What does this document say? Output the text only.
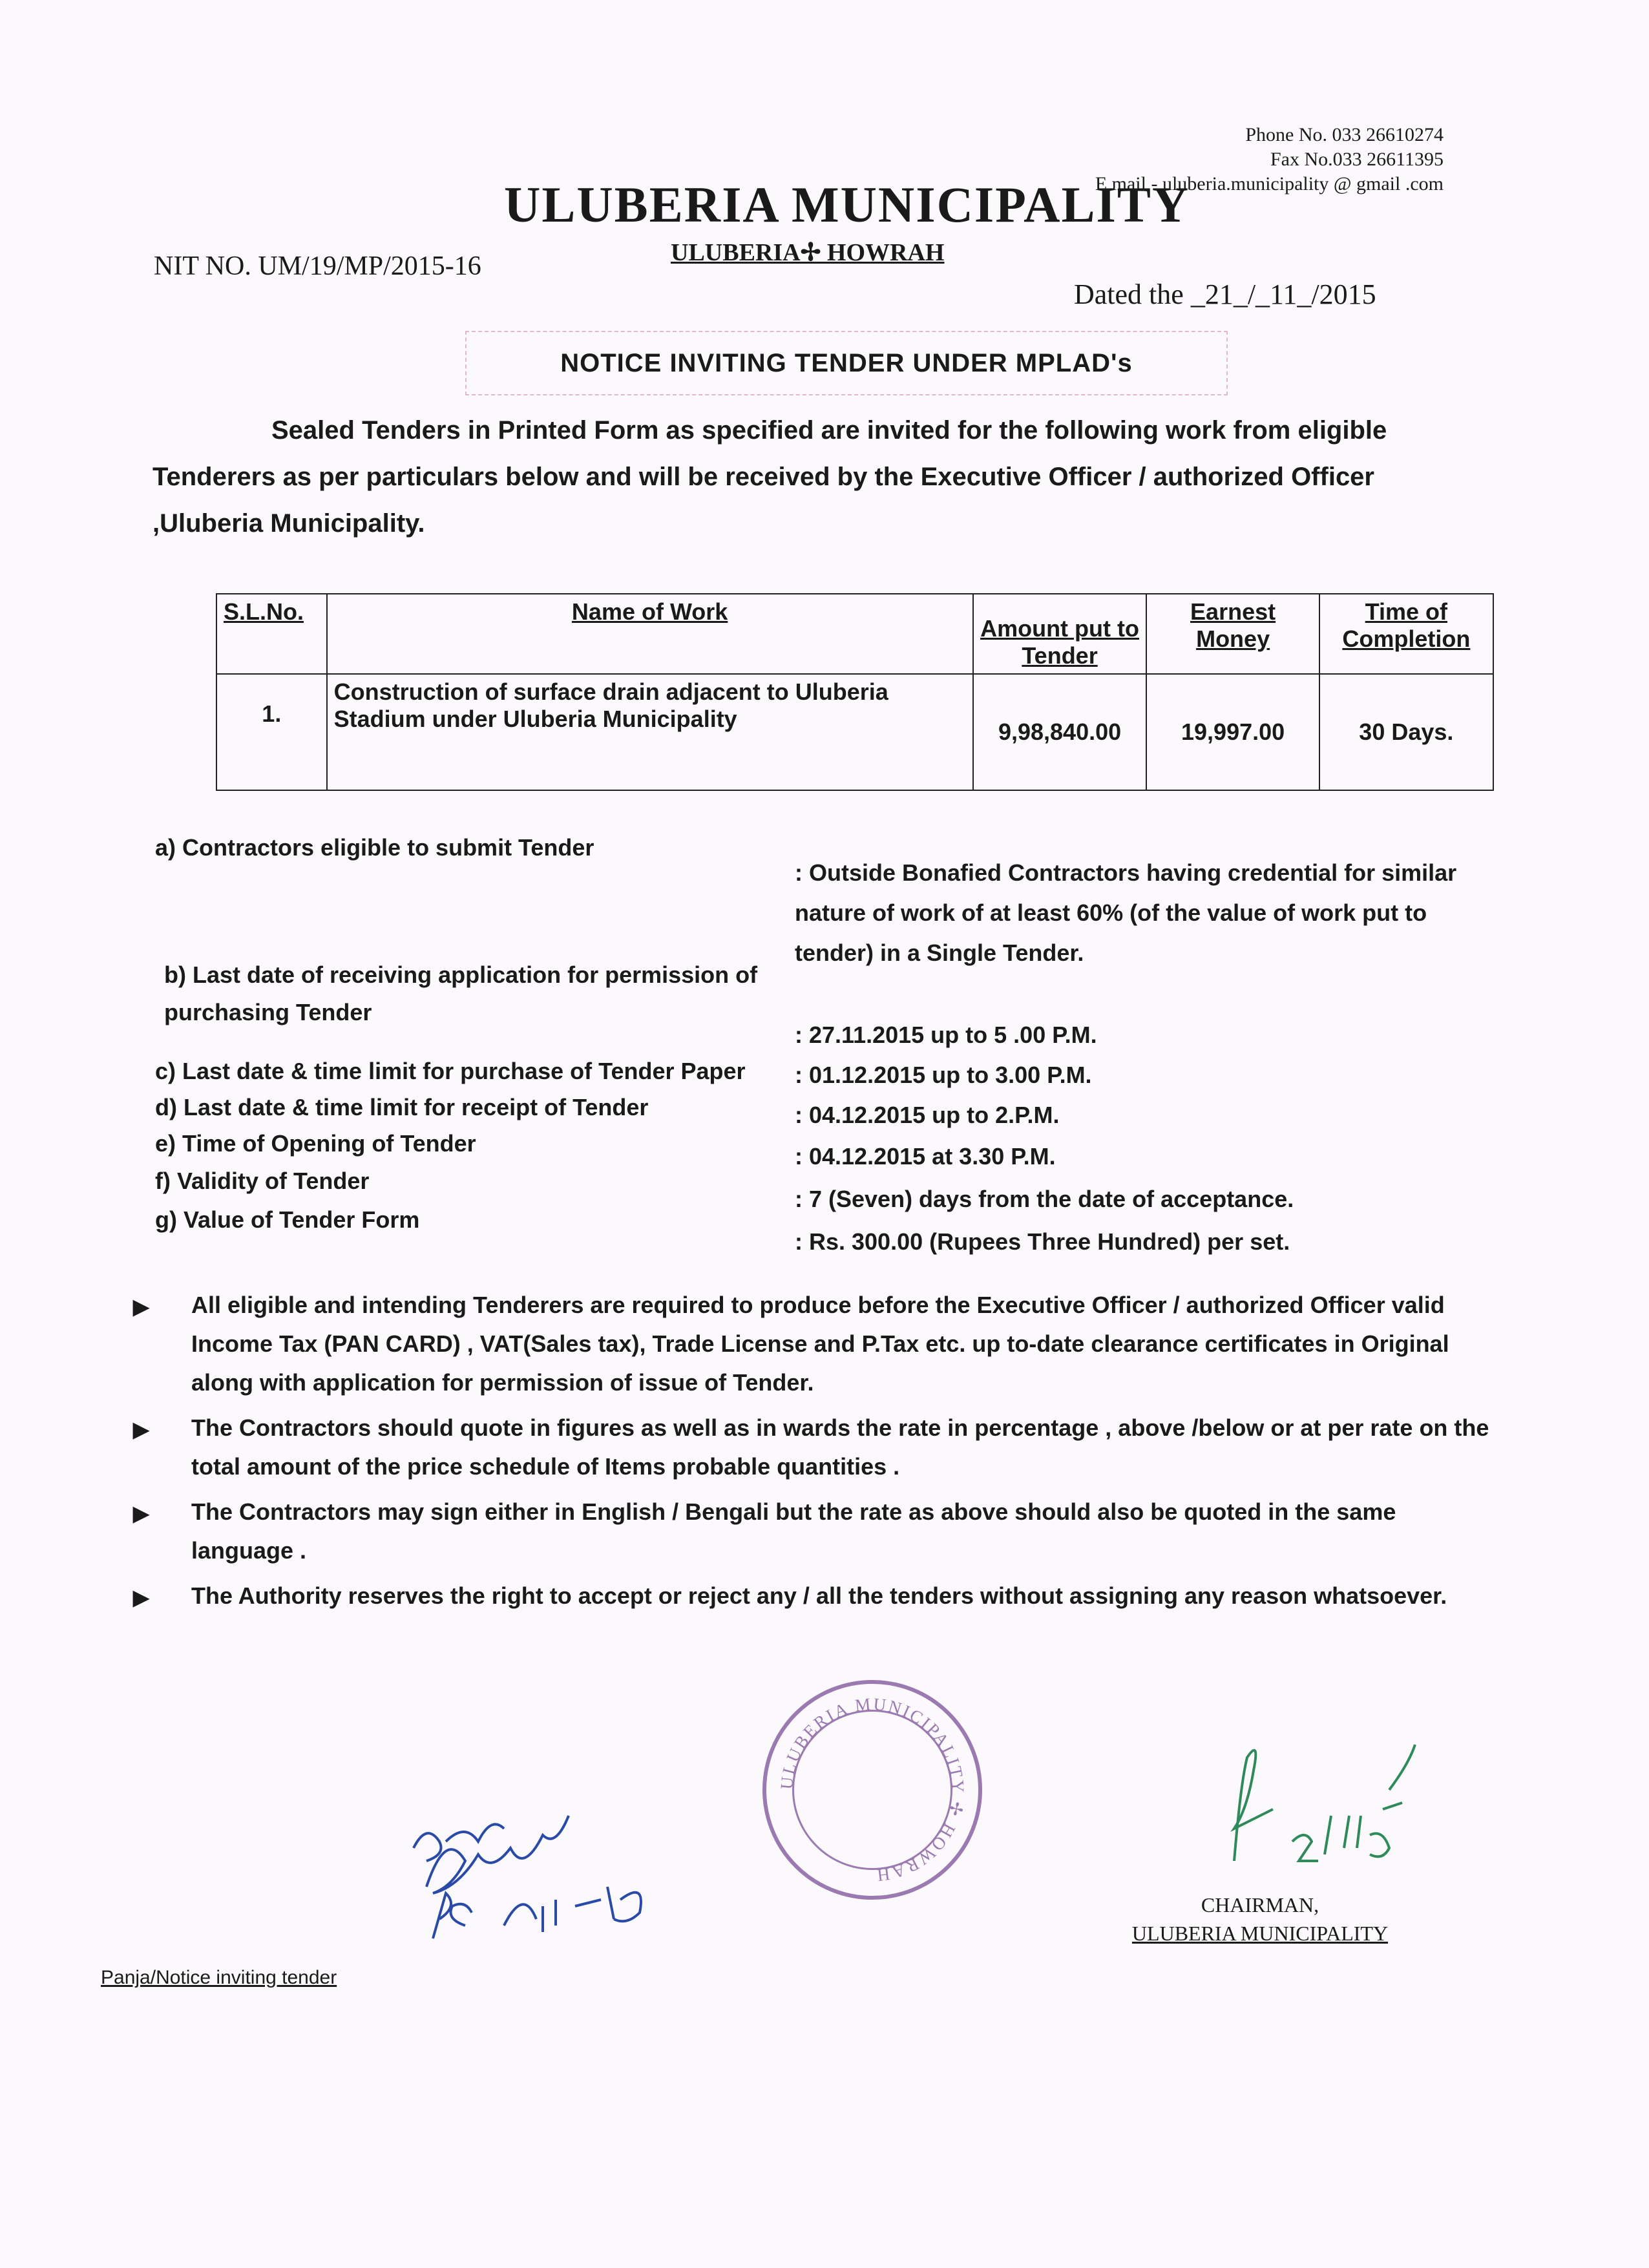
Phone No. 033 26610274
Fax No.033 26611395
E mail - uluberia.municipality @ gmail .com
ULUBERIA MUNICIPALITY
ULUBERIA✢ HOWRAH
NIT NO. UM/19/MP/2015-16
Dated the _21_/_11_/2015
NOTICE INVITING TENDER UNDER MPLAD's
Sealed Tenders in Printed Form as specified are invited for the following work from eligible
Tenderers as per particulars below and will be received by the Executive Officer / authorized Officer
,Uluberia Municipality.
S.L.No.	Name of Work	Amount put to Tender	Earnest Money	Time of Completion
1.	Construction of surface drain adjacent to Uluberia Stadium under Uluberia Municipality	9,98,840.00	19,997.00	30 Days.
a) Contractors eligible to submit Tender
: Outside Bonafied Contractors having credential for similar nature of work of at least 60% (of the value of work put to tender) in a Single Tender.
b) Last date of receiving application for permission of purchasing Tender
: 27.11.2015 up to 5 .00 P.M.
c) Last date & time limit for purchase of Tender Paper	: 01.12.2015 up to 3.00 P.M.
d) Last date & time limit for receipt of Tender	: 04.12.2015 up to 2.P.M.
e) Time of Opening of Tender	: 04.12.2015 at 3.30 P.M.
f) Validity of Tender
: 7 (Seven) days from the date of acceptance.
g) Value of Tender Form
: Rs. 300.00 (Rupees Three Hundred) per set.
▶ All eligible and intending Tenderers are required to produce before the Executive Officer / authorized Officer valid Income Tax (PAN CARD) , VAT(Sales tax), Trade License and P.Tax etc. up to-date clearance certificates in Original along with application for permission of issue of Tender.
▶ The Contractors should quote in figures as well as in wards the rate in percentage , above /below or at per rate on the total amount of the price schedule of Items probable quantities .
▶ The Contractors may sign either in English / Bengali but the rate as above should also be quoted in the same language .
▶ The Authority reserves the right to accept or reject any / all the tenders without assigning any reason whatsoever.
ULUBERIA MUNICIPALITY ✢ HOWRAH
Sd/- KBasu AE, 21-11-15
21/11/15
CHAIRMAN,
ULUBERIA MUNICIPALITY
Panja/Notice inviting tender
